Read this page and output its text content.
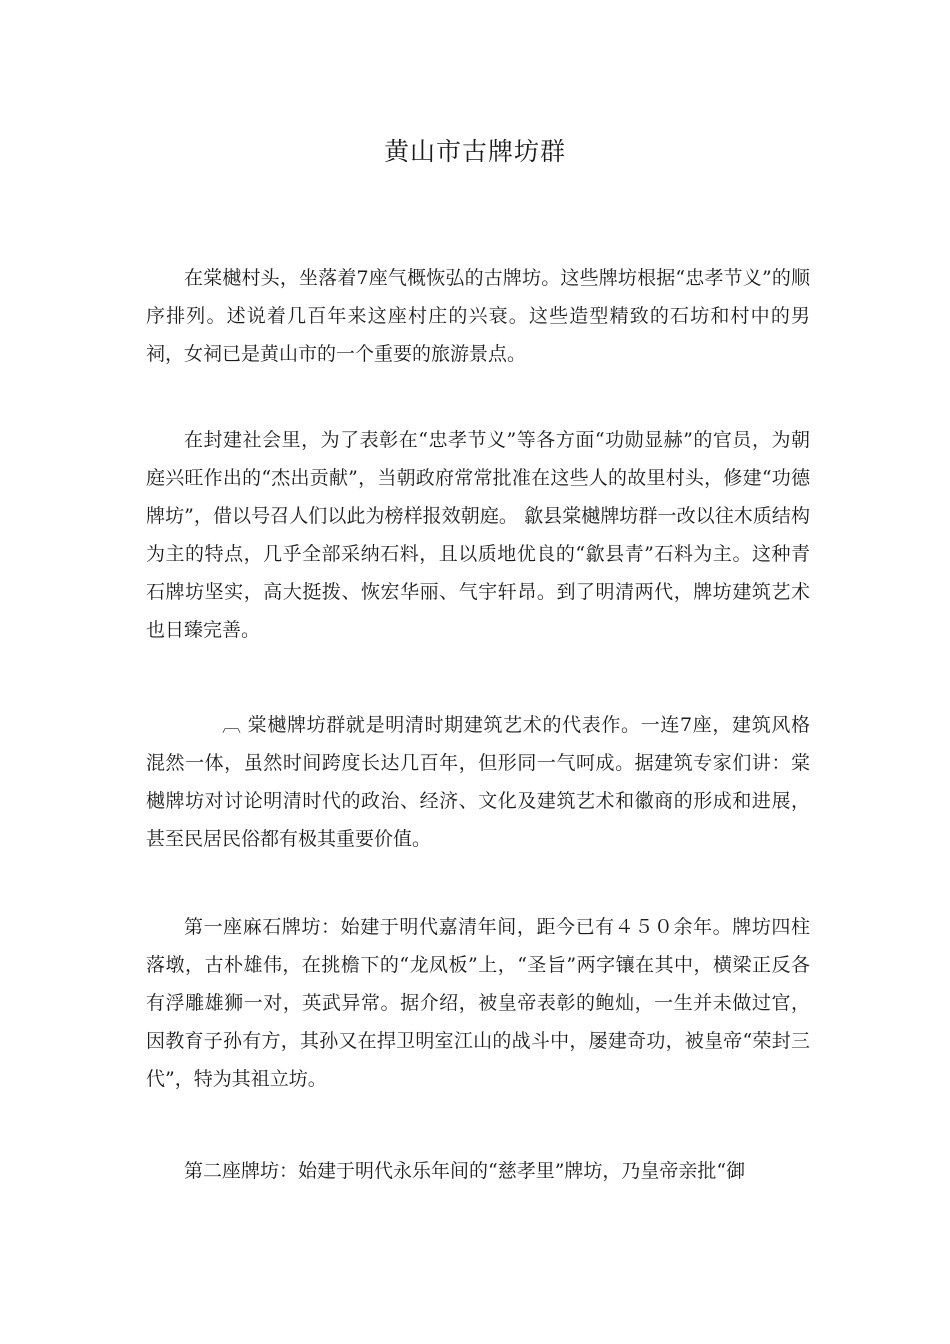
黄山市古牌坊群

在棠樾村头，坐落着7座气概恢弘的古牌坊。这些牌坊根据“忠孝节义”的顺序排列。述说着几百年来这座村庄的兴衰。这些造型精致的石坊和村中的男祠，女祠已是黄山市的一个重要的旅游景点。

在封建社会里，为了表彰在“忠孝节义”等各方面“功勋显赫”的官员，为朝庭兴旺作出的“杰出贡献”，当朝政府常常批准在这些人的故里村头，修建“功德牌坊”，借以号召人们以此为榜样报效朝庭。 歙县棠樾牌坊群一改以往木质结构为主的特点，几乎全部采纳石料，且以质地优良的“歙县青”石料为主。这种青石牌坊坚实，高大挺拨、恢宏华丽、气宇轩昂。到了明清两代，牌坊建筑艺术也日臻完善。

︹ 棠樾牌坊群就是明清时期建筑艺术的代表作。一连7座，建筑风格混然一体，虽然时间跨度长达几百年，但形同一气呵成。据建筑专家们讲：棠樾牌坊对讨论明清时代的政治、经济、文化及建筑艺术和徽商的形成和进展，甚至民居民俗都有极其重要价值。

第一座麻石牌坊：始建于明代嘉清年间，距今已有４５０余年。牌坊四柱落墩，古朴雄伟，在挑檐下的“龙凤板”上，“圣旨”两字镶在其中，横梁正反各有浮雕雄狮一对，英武异常。据介绍，被皇帝表彰的鲍灿，一生并未做过官，因教育子孙有方，其孙又在捍卫明室江山的战斗中，屡建奇功，被皇帝“荣封三代”，特为其祖立坊。

第二座牌坊：始建于明代永乐年间的“慈孝里”牌坊，乃皇帝亲批“御
